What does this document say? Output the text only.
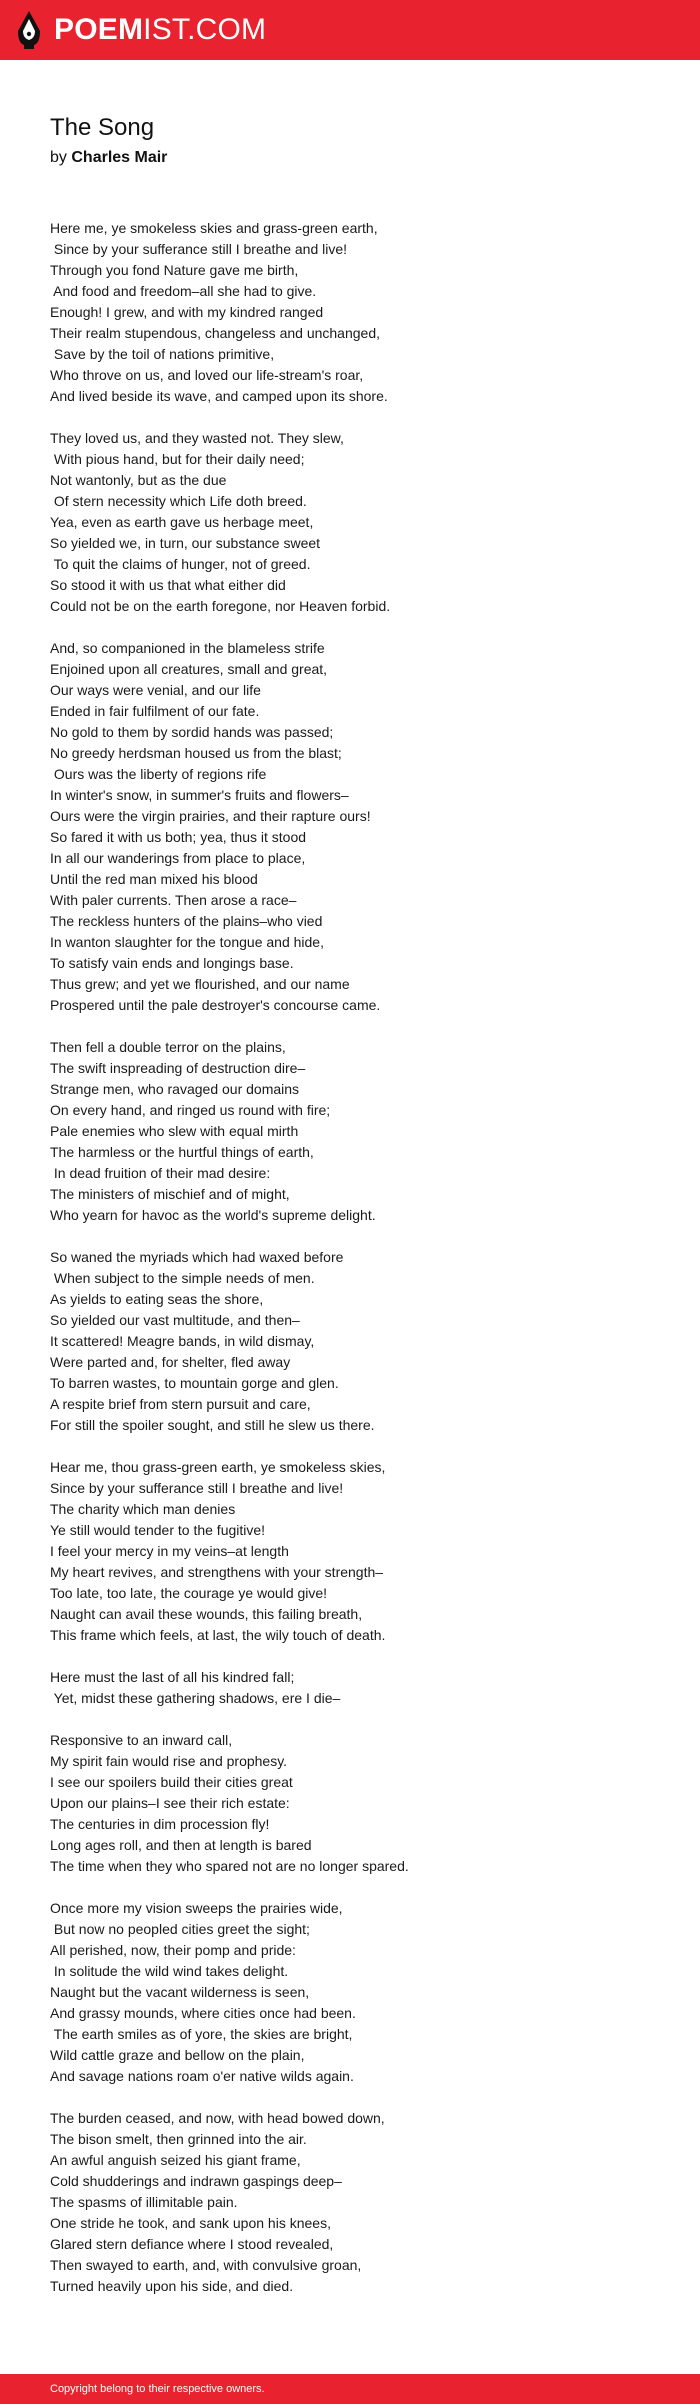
POEMIST.COM
The Song
by Charles Mair

Here me, ye smokeless skies and grass-green earth,
Since by your sufferance still I breathe and live!
Through you fond Nature gave me birth,
And food and freedom–all she had to give.
Enough! I grew, and with my kindred ranged
Their realm stupendous, changeless and unchanged,
Save by the toil of nations primitive,
Who throve on us, and loved our life-stream's roar,
And lived beside its wave, and camped upon its shore.

They loved us, and they wasted not. They slew,
With pious hand, but for their daily need;
Not wantonly, but as the due
Of stern necessity which Life doth breed.
Yea, even as earth gave us herbage meet,
So yielded we, in turn, our substance sweet
To quit the claims of hunger, not of greed.
So stood it with us that what either did
Could not be on the earth foregone, nor Heaven forbid.

And, so companioned in the blameless strife
Enjoined upon all creatures, small and great,
Our ways were venial, and our life
Ended in fair fulfilment of our fate.
No gold to them by sordid hands was passed;
No greedy herdsman housed us from the blast;
Ours was the liberty of regions rife
In winter's snow, in summer's fruits and flowers–
Ours were the virgin prairies, and their rapture ours!
So fared it with us both; yea, thus it stood
In all our wanderings from place to place,
Until the red man mixed his blood
With paler currents. Then arose a race–
The reckless hunters of the plains–who vied
In wanton slaughter for the tongue and hide,
To satisfy vain ends and longings base.
Thus grew; and yet we flourished, and our name
Prospered until the pale destroyer's concourse came.

Then fell a double terror on the plains,
The swift inspreading of destruction dire–
Strange men, who ravaged our domains
On every hand, and ringed us round with fire;
Pale enemies who slew with equal mirth
The harmless or the hurtful things of earth,
In dead fruition of their mad desire:
The ministers of mischief and of might,
Who yearn for havoc as the world's supreme delight.

So waned the myriads which had waxed before
When subject to the simple needs of men.
As yields to eating seas the shore,
So yielded our vast multitude, and then–
It scattered! Meagre bands, in wild dismay,
Were parted and, for shelter, fled away
To barren wastes, to mountain gorge and glen.
A respite brief from stern pursuit and care,
For still the spoiler sought, and still he slew us there.

Hear me, thou grass-green earth, ye smokeless skies,
Since by your sufferance still I breathe and live!
The charity which man denies
Ye still would tender to the fugitive!
I feel your mercy in my veins–at length
My heart revives, and strengthens with your strength–
Too late, too late, the courage ye would give!
Naught can avail these wounds, this failing breath,
This frame which feels, at last, the wily touch of death.

Here must the last of all his kindred fall;
Yet, midst these gathering shadows, ere I die–

Responsive to an inward call,
My spirit fain would rise and prophesy.
I see our spoilers build their cities great
Upon our plains–I see their rich estate:
The centuries in dim procession fly!
Long ages roll, and then at length is bared
The time when they who spared not are no longer spared.

Once more my vision sweeps the prairies wide,
But now no peopled cities greet the sight;
All perished, now, their pomp and pride:
In solitude the wild wind takes delight.
Naught but the vacant wilderness is seen,
And grassy mounds, where cities once had been.
The earth smiles as of yore, the skies are bright,
Wild cattle graze and bellow on the plain,
And savage nations roam o'er native wilds again.

The burden ceased, and now, with head bowed down,
The bison smelt, then grinned into the air.
An awful anguish seized his giant frame,
Cold shudderings and indrawn gaspings deep–
The spasms of illimitable pain.
One stride he took, and sank upon his knees,
Glared stern defiance where I stood revealed,
Then swayed to earth, and, with convulsive groan,
Turned heavily upon his side, and died.

Copyright belong to their respective owners.
